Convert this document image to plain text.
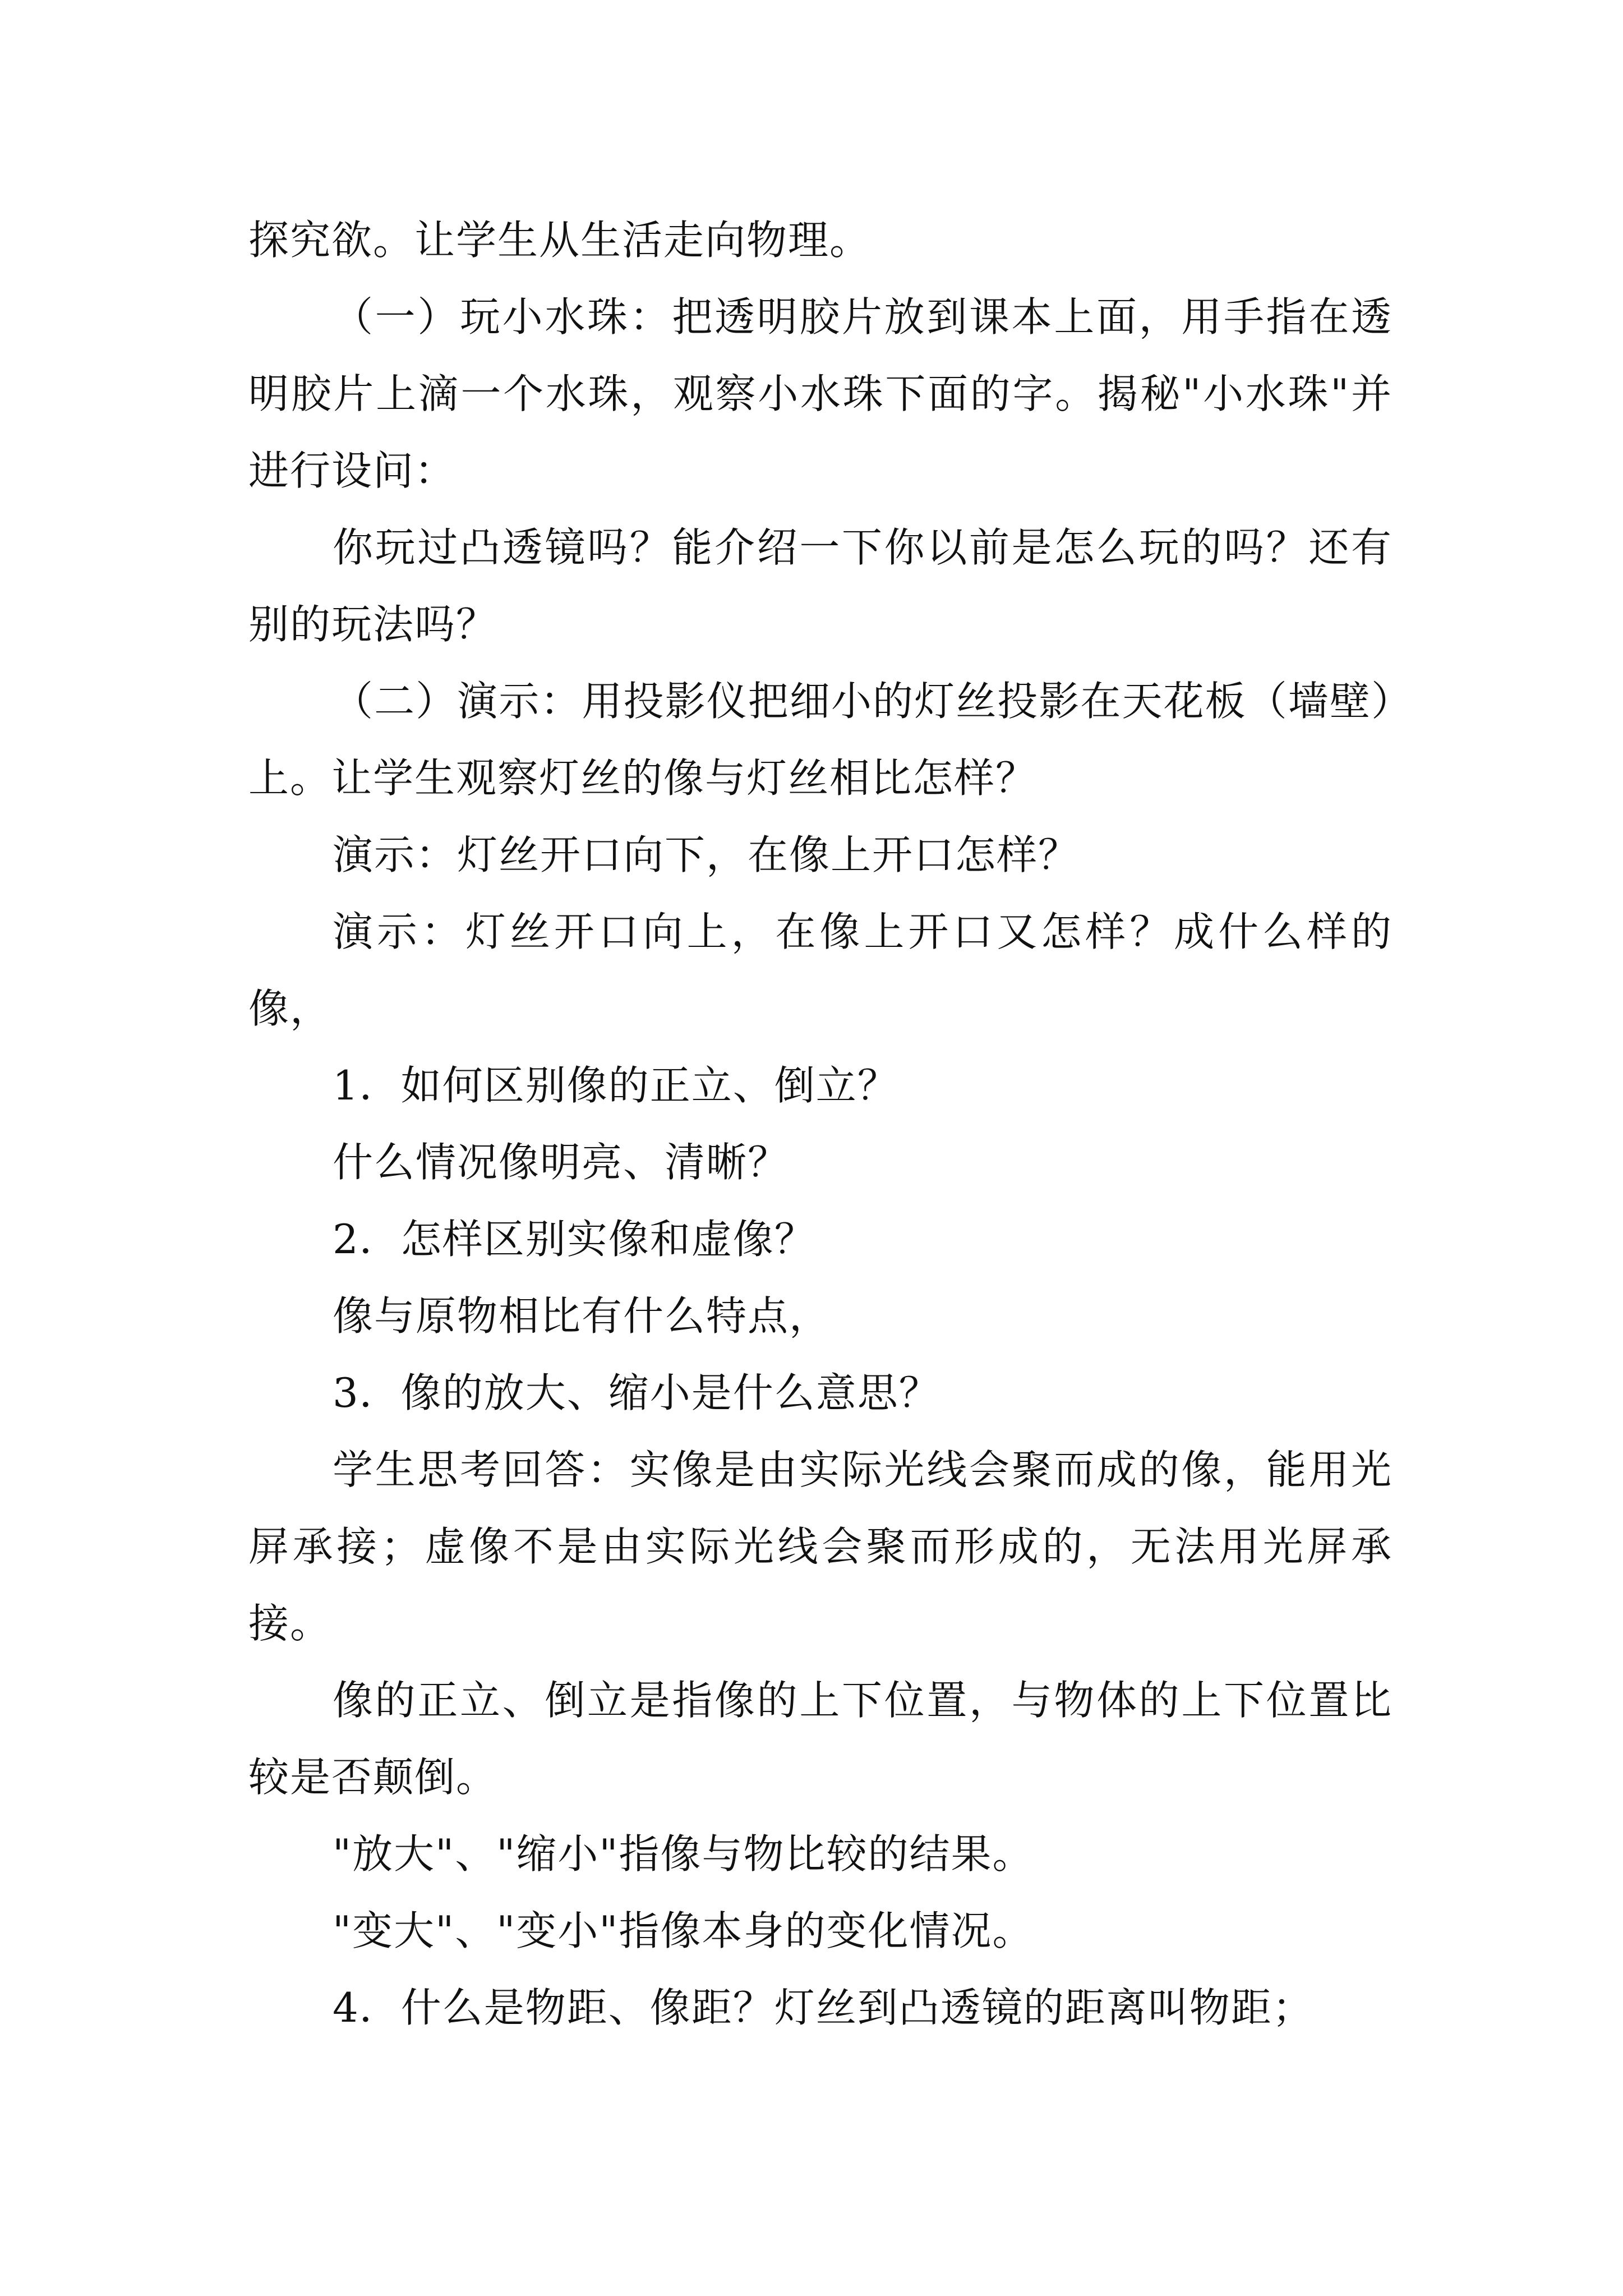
探究欲。让学生从生活走向物理。

（一）玩小水珠：把透明胶片放到课本上面，用手指在透明胶片上滴一个水珠，观察小水珠下面的字。揭秘"小水珠"并进行设问：

你玩过凸透镜吗？能介绍一下你以前是怎么玩的吗？还有别的玩法吗？

（二）演示：用投影仪把细小的灯丝投影在天花板（墙壁）上。让学生观察灯丝的像与灯丝相比怎样？

演示：灯丝开口向下，在像上开口怎样？

演示：灯丝开口向上，在像上开口又怎样？成什么样的像，

1．如何区别像的正立、倒立？

什么情况像明亮、清晰？

2．怎样区别实像和虚像？

像与原物相比有什么特点，

3．像的放大、缩小是什么意思？

学生思考回答：实像是由实际光线会聚而成的像，能用光屏承接；虚像不是由实际光线会聚而形成的，无法用光屏承接。

像的正立、倒立是指像的上下位置，与物体的上下位置比较是否颠倒。

"放大"、"缩小"指像与物比较的结果。

"变大"、"变小"指像本身的变化情况。

4．什么是物距、像距？灯丝到凸透镜的距离叫物距；
